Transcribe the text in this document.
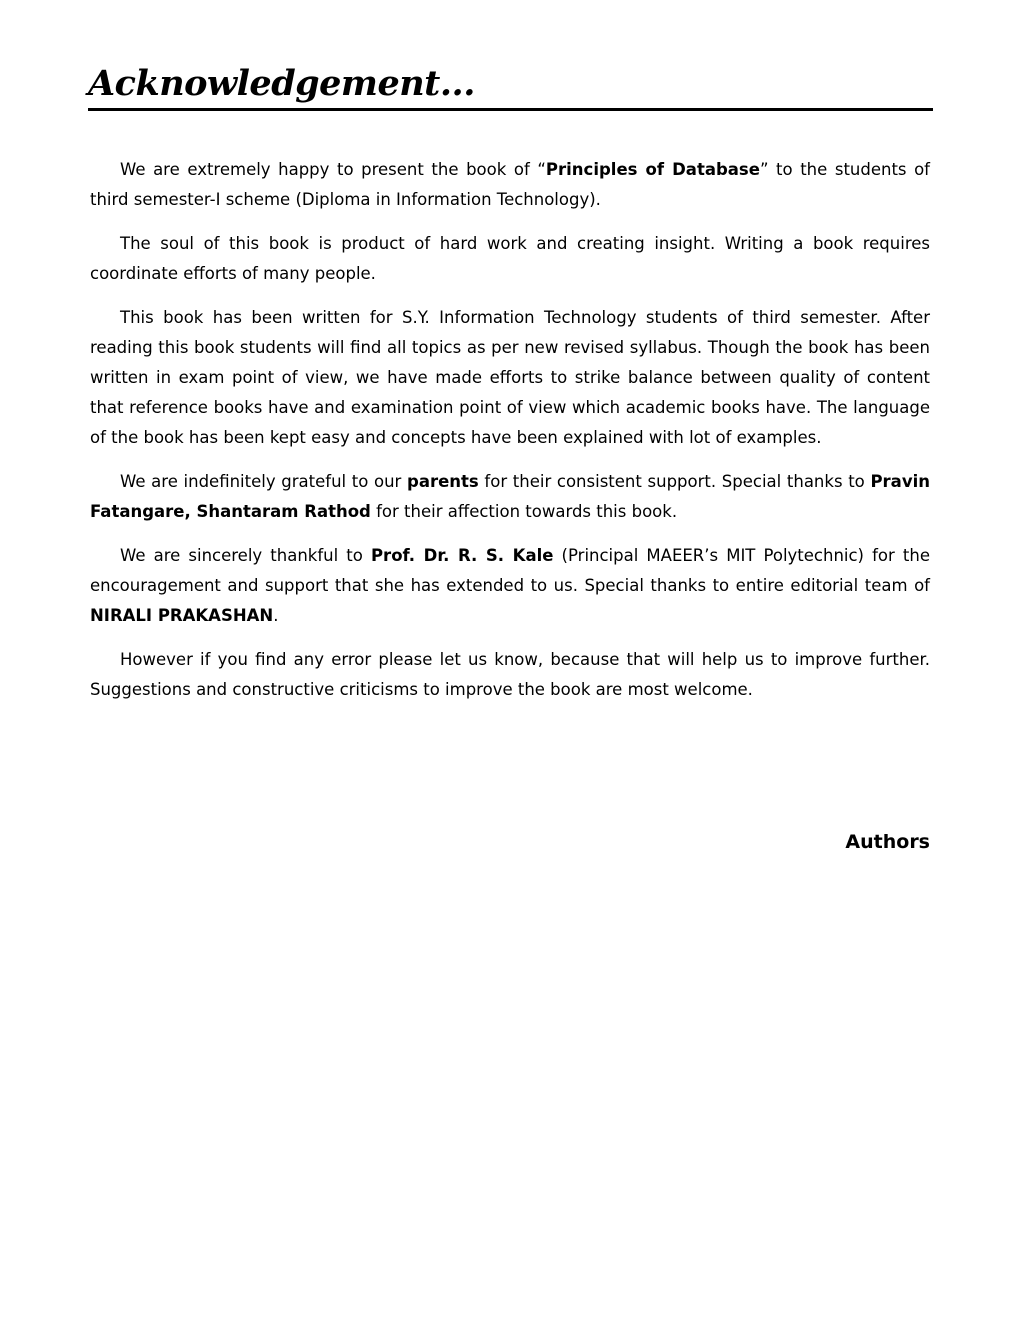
Acknowledgement...

We are extremely happy to present the book of “Principles of Database” to the students of third semester-I scheme (Diploma in Information Technology).

The soul of this book is product of hard work and creating insight. Writing a book requires coordinate efforts of many people.

This book has been written for S.Y. Information Technology students of third semester. After reading this book students will find all topics as per new revised syllabus. Though the book has been written in exam point of view, we have made efforts to strike balance between quality of content that reference books have and examination point of view which academic books have. The language of the book has been kept easy and concepts have been explained with lot of examples.

We are indefinitely grateful to our parents for their consistent support. Special thanks to Pravin Fatangare, Shantaram Rathod for their affection towards this book.

We are sincerely thankful to Prof. Dr. R. S. Kale (Principal MAEER’s MIT Polytechnic) for the encouragement and support that she has extended to us. Special thanks to entire editorial team of NIRALI PRAKASHAN.

However if you find any error please let us know, because that will help us to improve further. Suggestions and constructive criticisms to improve the book are most welcome.

Authors
